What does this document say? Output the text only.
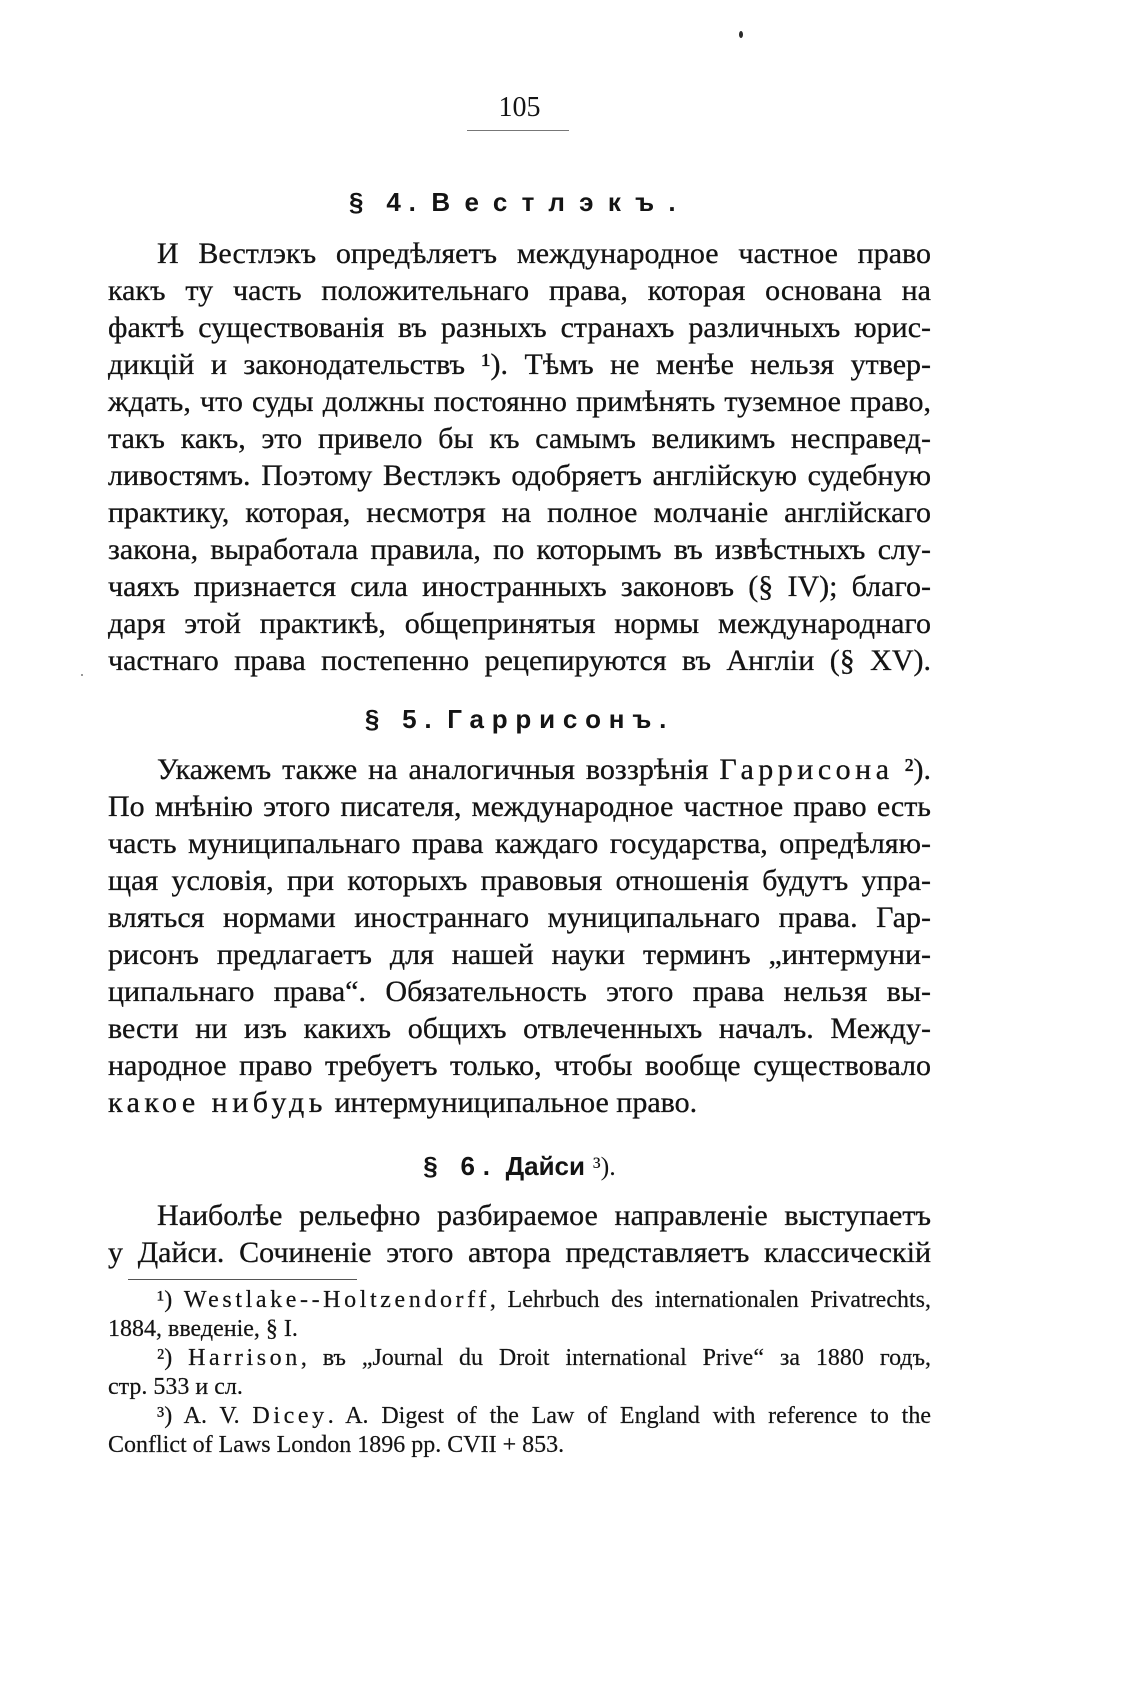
105
§ 4. Вестлэкъ.
И Вестлэкъ опредѣляетъ международное частное право
какъ ту часть положительнаго права, которая основана на
фактѣ существованія въ разныхъ странахъ различныхъ юрис-
дикцій и законодательствъ ¹). Тѣмъ не менѣе нельзя утвер-
ждать, что суды должны постоянно примѣнять туземное право,
такъ какъ, это привело бы къ самымъ великимъ несправед-
ливостямъ. Поэтому Вестлэкъ одобряетъ англійскую судебную
практику, которая, несмотря на полное молчаніе англійскаго
закона, выработала правила, по которымъ въ извѣстныхъ слу-
чаяхъ признается сила иностранныхъ законовъ (§ IV); благо-
даря этой практикѣ, общепринятыя нормы международнаго
частнаго права постепенно рецепируются въ Англіи (§ XV).
§ 5. Гаррисонъ.
Укажемъ также на аналогичныя воззрѣнія Гаррисона ²).
По мнѣнію этого писателя, международное частное право есть
часть муниципальнаго права каждаго государства, опредѣляю-
щая условія, при которыхъ правовыя отношенія будутъ упра-
вляться нормами иностраннаго муниципальнаго права. Гар-
рисонъ предлагаетъ для нашей науки терминъ „интермуни-
ципальнаго права“. Обязательность этого права нельзя вы-
вести ни изъ какихъ общихъ отвлеченныхъ началъ. Между-
народное право требуетъ только, чтобы вообще существовало
какое нибудь интермуниципальное право.
§ 6. Дайси ³).
Наиболѣе рельефно разбираемое направленіе выступаетъ
у Дайси. Сочиненіе этого автора представляетъ классическій
¹) Westlake--Holtzendorff, Lehrbuch des internationalen Privatrechts,
1884, введеніе, § I.
²) Harrison, въ „Journal du Droit international Prive“ за 1880 годъ,
стр. 533 и сл.
³) A. V. Dicey. A. Digest of the Law of England with reference to the
Conflict of Laws London 1896 pp. CVII + 853.
